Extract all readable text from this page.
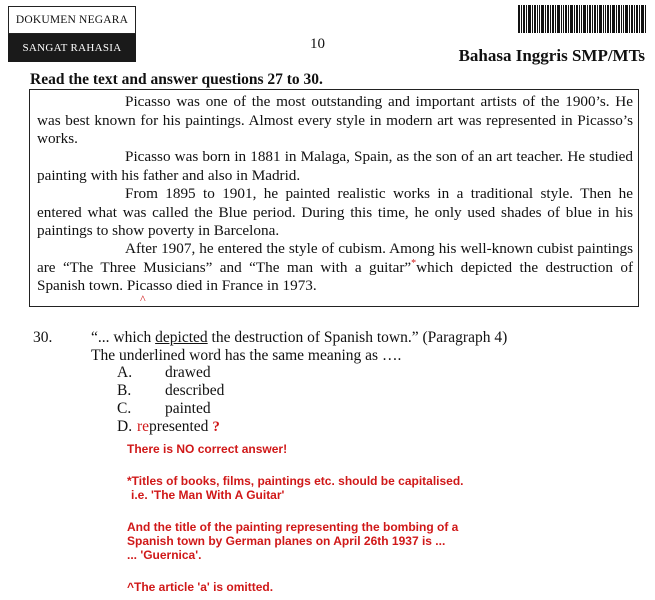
DOKUMEN NEGARA
SANGAT RAHASIA	10
Bahasa Inggris SMP/MTs
Read the text and answer questions 27 to 30.

Picasso was one of the most outstanding and important artists of the 1900’s. He was best known for his paintings. Almost every style in modern art was represented in Picasso’s works.

Picasso was born in 1881 in Malaga, Spain, as the son of an art teacher. He studied painting with his father and also in Madrid.

From 1895 to 1901, he painted realistic works in a traditional style. Then he entered what was called the Blue period. During this time, he only used shades of blue in his paintings to show poverty in Barcelona.

After 1907, he entered the style of cubism. Among his well-known cubist paintings are “The Three Musicians” and “The man with a guitar”*which depicted the destruction of Spanish town. Picasso died in France in 1973.

^
30. “... which depicted the destruction of Spanish town.” (Paragraph 4)
The underlined word has the same meaning as ….
A. drawed
B. described
C. painted
D. represented ?
There is NO correct answer!
*Titles of books, films, paintings etc. should be capitalised.
i.e. 'The Man With A Guitar'
And the title of the painting representing the bombing of a
Spanish town by German planes on April 26th 1937 is ...
... 'Guernica'.
^The article 'a' is omitted.
